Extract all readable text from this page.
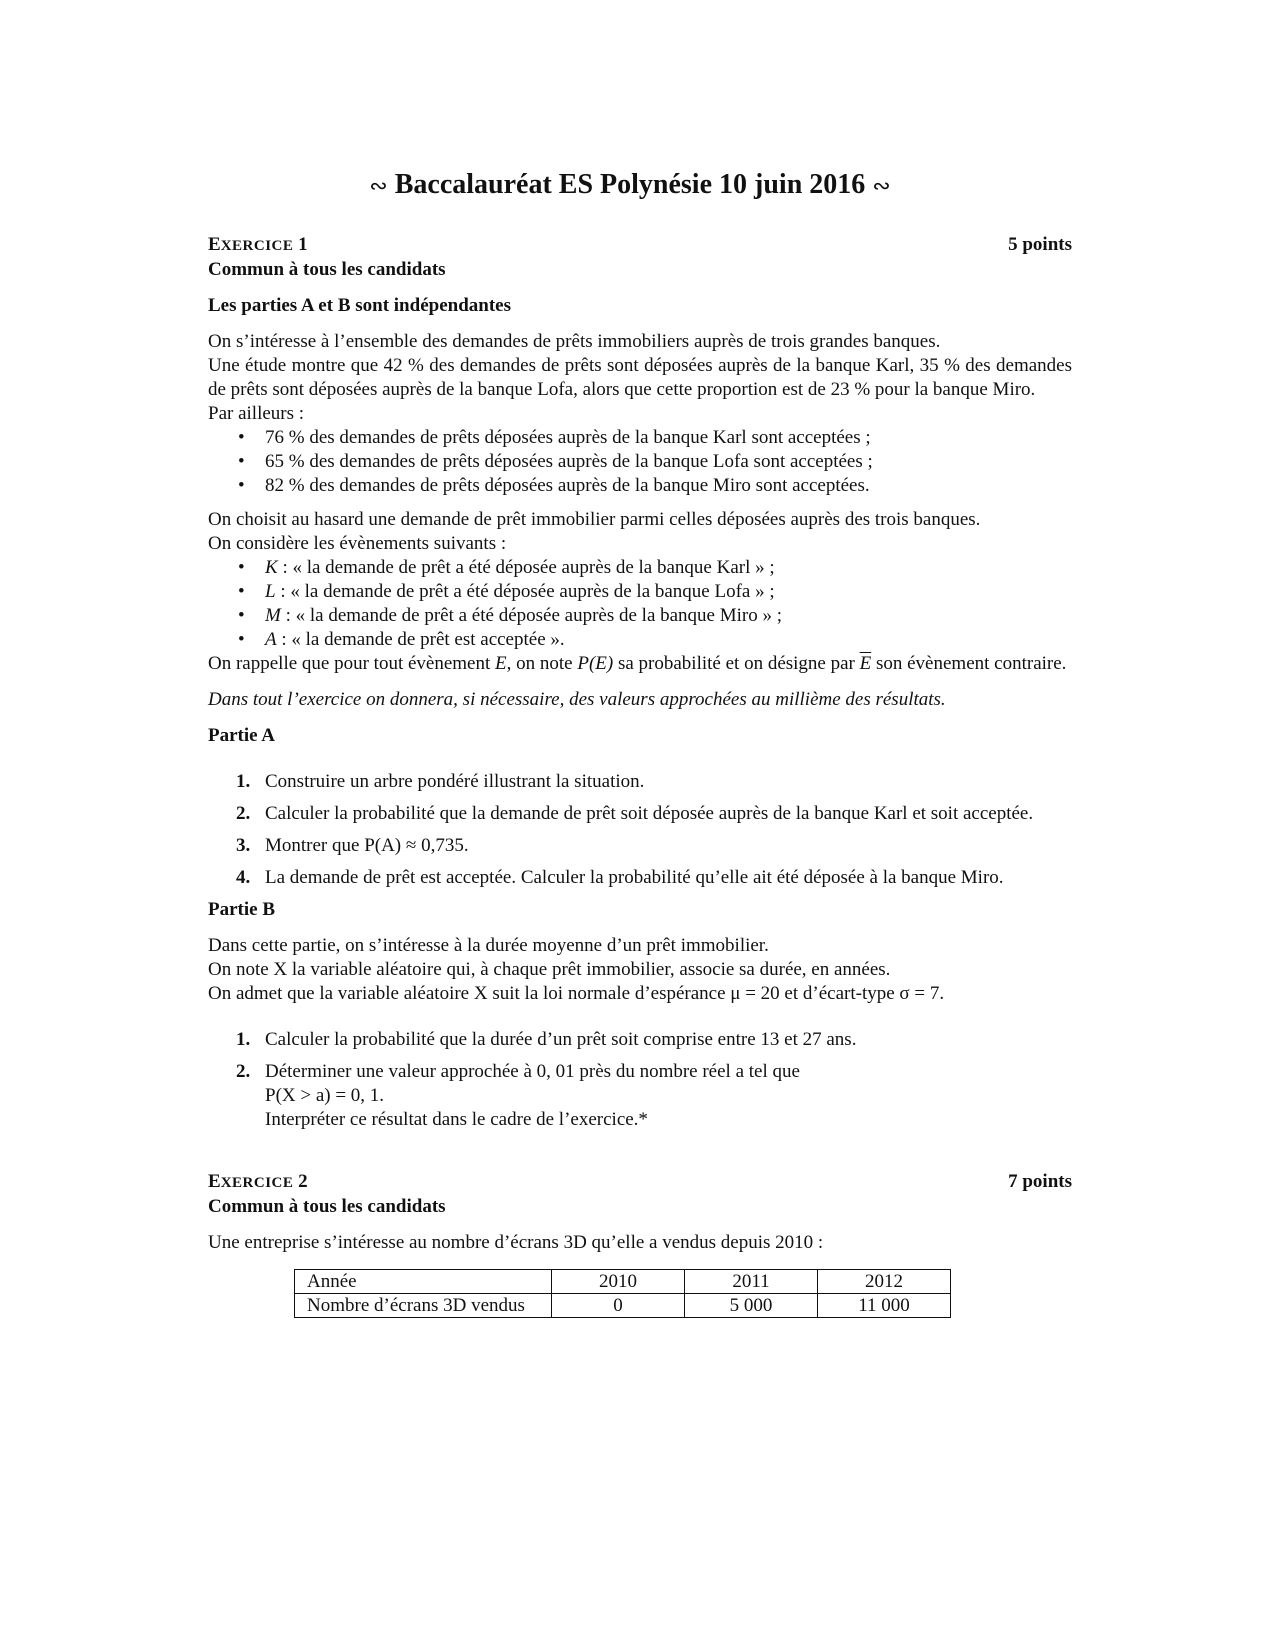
∾ Baccalauréat ES Polynésie 10 juin 2016 ∾
EXERCICE 1	5 points

Commun à tous les candidats

Les parties A et B sont indépendantes

On s’intéresse à l’ensemble des demandes de prêts immobiliers auprès de trois grandes banques.

Une étude montre que 42 % des demandes de prêts sont déposées auprès de la banque Karl, 35 % des demandes de prêts sont déposées auprès de la banque Lofa, alors que cette proportion est de 23 % pour la banque Miro.

Par ailleurs :

• 76 % des demandes de prêts déposées auprès de la banque Karl sont acceptées ;
• 65 % des demandes de prêts déposées auprès de la banque Lofa sont acceptées ;
• 82 % des demandes de prêts déposées auprès de la banque Miro sont acceptées.

On choisit au hasard une demande de prêt immobilier parmi celles déposées auprès des trois banques.

On considère les évènements suivants :

• K : « la demande de prêt a été déposée auprès de la banque Karl » ;
• L : « la demande de prêt a été déposée auprès de la banque Lofa » ;
• M : « la demande de prêt a été déposée auprès de la banque Miro » ;
• A : « la demande de prêt est acceptée ».

On rappelle que pour tout évènement E, on note P(E) sa probabilité et on désigne par $\overline{E}$ son évènement contraire.

Dans tout l’exercice on donnera, si nécessaire, des valeurs approchées au millième des résultats.

Partie A

1. Construire un arbre pondéré illustrant la situation.
2. Calculer la probabilité que la demande de prêt soit déposée auprès de la banque Karl et soit acceptée.
3. Montrer que P(A) ≈ 0,735.
4. La demande de prêt est acceptée. Calculer la probabilité qu’elle ait été déposée à la banque Miro.

Partie B

Dans cette partie, on s’intéresse à la durée moyenne d’un prêt immobilier.

On note X la variable aléatoire qui, à chaque prêt immobilier, associe sa durée, en années.

On admet que la variable aléatoire X suit la loi normale d’espérance μ = 20 et d’écart-type σ = 7.

1. Calculer la probabilité que la durée d’un prêt soit comprise entre 13 et 27 ans.
2. Déterminer une valeur approchée à 0, 01 près du nombre réel a tel que
P(X > a) = 0, 1.
Interpréter ce résultat dans le cadre de l’exercice.*
EXERCICE 2	7 points

Commun à tous les candidats

Une entreprise s’intéresse au nombre d’écrans 3D qu’elle a vendus depuis 2010 :

Année	2010	2011	2012
Nombre d’écrans 3D vendus	0	5 000	11 000
